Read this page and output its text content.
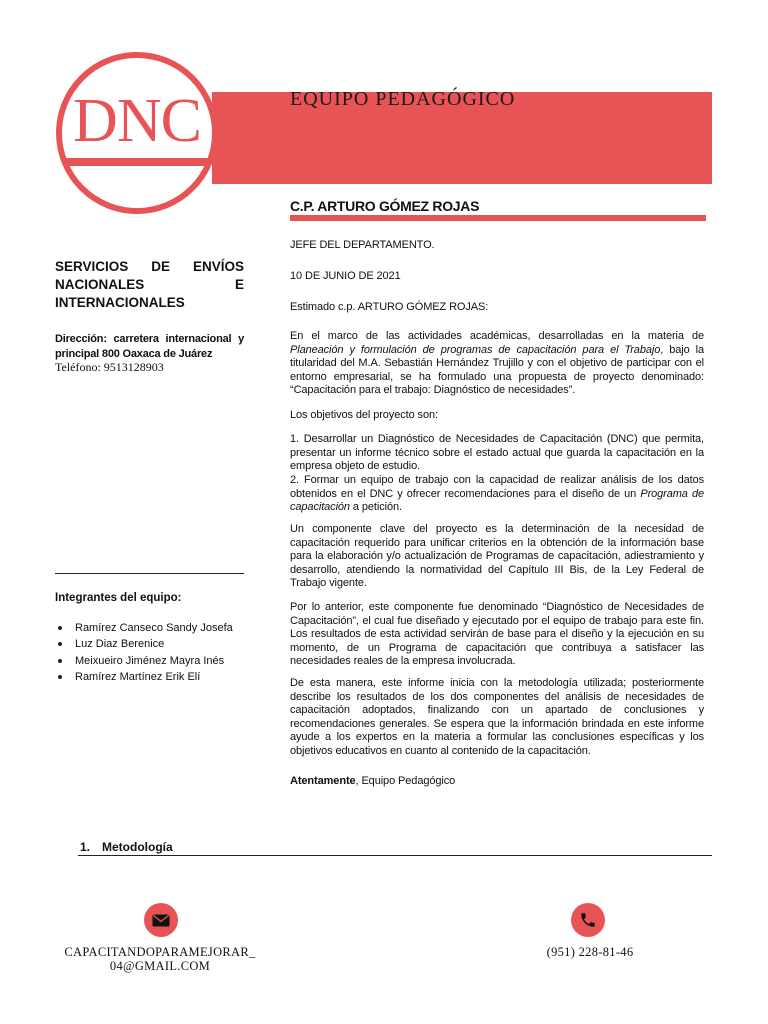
DNC
C.P. ARTURO GÓMEZ ROJAS
SERVICIOS DE ENVÍOS
NACIONALES	E
INTERNACIONALES
Dirección: carretera internacional y principal 800 Oaxaca de Juárez
Teléfono: 9513128903
Integrantes del equipo:
Ramírez Canseco Sandy Josefa
Luz Diaz Berenice
Meixueiro Jiménez Mayra Inés
Ramírez Martínez Erik Elí
JEFE DEL DEPARTAMENTO.
10 DE JUNIO DE 2021
Estimado c.p. ARTURO GÓMEZ ROJAS:
En el marco de las actividades académicas, desarrolladas en la materia de Planeación y formulación de programas de capacitación para el Trabajo, bajo la titularidad del M.A. Sebastián Hernández Trujillo y con el objetivo de participar con el entorno empresarial, se ha formulado una propuesta de proyecto denominado: “Capacitación para el trabajo: Diagnóstico de necesidades”.
Los objetivos del proyecto son:
1. Desarrollar un Diagnóstico de Necesidades de Capacitación (DNC) que permita, presentar un informe técnico sobre el estado actual que guarda la capacitación en la empresa objeto de estudio.
2. Formar un equipo de trabajo con la capacidad de realizar análisis de los datos obtenidos en el DNC y ofrecer recomendaciones para el diseño de un Programa de capacitación a petición.
Un componente clave del proyecto es la determinación de la necesidad de capacitación requerido para unificar criterios en la obtención de la información base para la elaboración y/o actualización de Programas de capacitación, adiestramiento y desarrollo, atendiendo la normatividad del Capítulo III Bis, de la Ley Federal de Trabajo vigente.
Por lo anterior, este componente fue denominado “Diagnóstico de Necesidades de Capacitación”, el cual fue diseñado y ejecutado por el equipo de trabajo para este fin. Los resultados de esta actividad servirán de base para el diseño y la ejecución en su momento, de un Programa de capacitación que contribuya a satisfacer las necesidades reales de la empresa involucrada.
De esta manera, este informe inicia con la metodología utilizada; posteriormente describe los resultados de los dos componentes del análisis de necesidades de capacitación adoptados, finalizando con un apartado de conclusiones y recomendaciones generales. Se espera que la información brindada en este informe ayude a los expertos en la materia a formular las conclusiones específicas y los objetivos educativos en cuanto al contenido de la capacitación.
Atentamente, Equipo Pedagógico
1. Metodología
CAPACITANDOPARAMEJORAR_
04@GMAIL.COM
(951) 228-81-46
